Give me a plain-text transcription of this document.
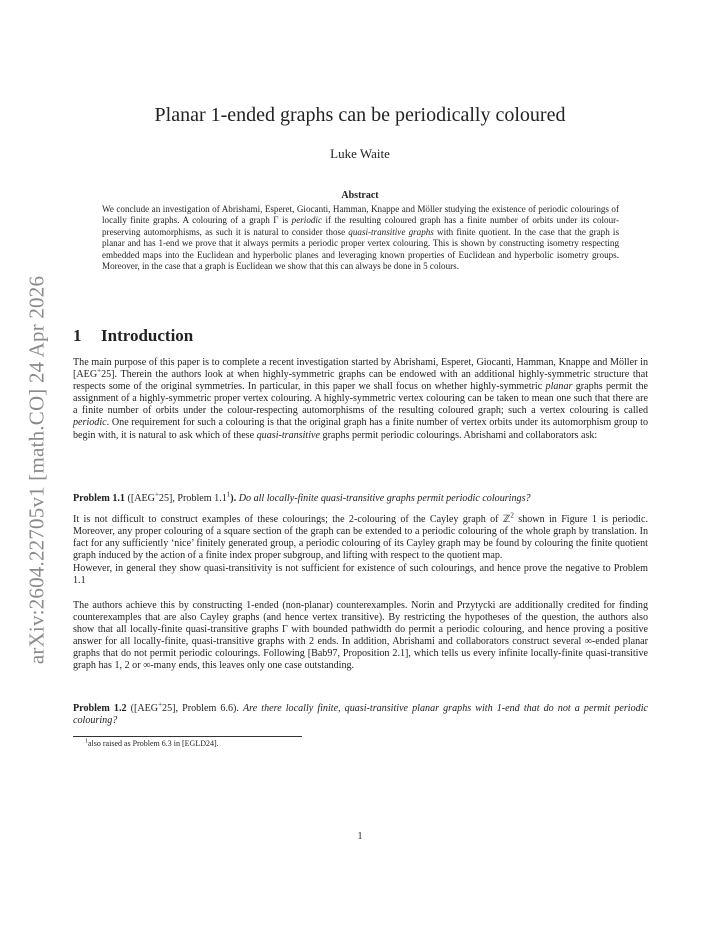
arXiv:2604.22705v1 [math.CO] 24 Apr 2026
Planar 1-ended graphs can be periodically coloured
Luke Waite
Abstract
We conclude an investigation of Abrishami, Esperet, Giocanti, Hamman, Knappe and Möller studying the existence of periodic colourings of locally finite graphs. A colouring of a graph Γ is periodic if the resulting coloured graph has a finite number of orbits under its colour-preserving automorphisms, as such it is natural to consider those quasi-transitive graphs with finite quotient. In the case that the graph is planar and has 1-end we prove that it always permits a periodic proper vertex colouring. This is shown by constructing isometry respecting embedded maps into the Euclidean and hyperbolic planes and leveraging known properties of Euclidean and hyperbolic isometry groups. Moreover, in the case that a graph is Euclidean we show that this can always be done in 5 colours.
1 Introduction
The main purpose of this paper is to complete a recent investigation started by Abrishami, Esperet, Giocanti, Hamman, Knappe and Möller in [AEG+25]. Therein the authors look at when highly-symmetric graphs can be endowed with an additional highly-symmetric structure that respects some of the original symmetries. In particular, in this paper we shall focus on whether highly-symmetric planar graphs permit the assignment of a highly-symmetric proper vertex colouring. A highly-symmetric vertex colouring can be taken to mean one such that there are a finite number of orbits under the colour-respecting automorphisms of the resulting coloured graph; such a vertex colouring is called periodic. One requirement for such a colouring is that the original graph has a finite number of vertex orbits under its automorphism group to begin with, it is natural to ask which of these quasi-transitive graphs permit periodic colourings. Abrishami and collaborators ask:
Problem 1.1 ([AEG+25], Problem $1.1^1$). Do all locally-finite quasi-transitive graphs permit periodic colourings?
It is not difficult to construct examples of these colourings; the 2-colouring of the Cayley graph of ℤ$^2$ shown in Figure 1 is periodic. Moreover, any proper colouring of a square section of the graph can be extended to a periodic colouring of the whole graph by translation. In fact for any sufficiently ‘nice’ finitely generated group, a periodic colouring of its Cayley graph may be found by colouring the finite quotient graph induced by the action of a finite index proper subgroup, and lifting with respect to the quotient map.
However, in general they show quasi-transitivity is not sufficient for existence of such colourings, and hence prove the negative to Problem 1.1
The authors achieve this by constructing 1-ended (non-planar) counterexamples. Norin and Przytycki are additionally credited for finding counterexamples that are also Cayley graphs (and hence vertex transitive). By restricting the hypotheses of the question, the authors also show that all locally-finite quasi-transitive graphs Γ with bounded pathwidth do permit a periodic colouring, and hence proving a positive answer for all locally-finite, quasi-transitive graphs with 2 ends. In addition, Abrishami and collaborators construct several ∞-ended planar graphs that do not permit periodic colourings. Following [Bab97, Proposition 2.1], which tells us every infinite locally-finite quasi-transitive graph has 1, 2 or ∞-many ends, this leaves only one case outstanding.
Problem 1.2 ([AEG+25], Problem 6.6). Are there locally finite, quasi-transitive planar graphs with 1-end that do not a permit periodic colouring?
$^1$also raised as Problem 6.3 in [EGLD24].
1
